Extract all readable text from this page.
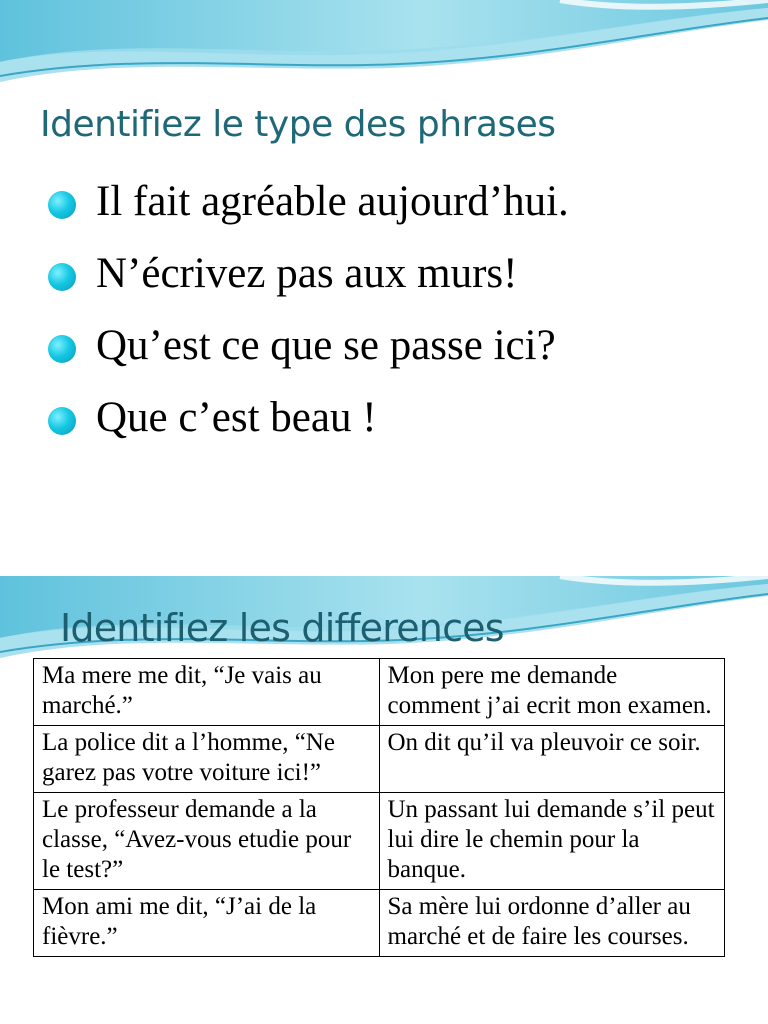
Identifiez le type des phrases
Il fait agréable aujourd’hui.
N’écrivez pas aux murs!
Qu’est ce que se passe ici?
Que c’est beau !
Identifiez les differences
Ma mere me dit, “Je vais au marché.”	Mon pere me demande comment j’ai ecrit mon examen.
La police dit a l’homme, “Ne garez pas votre voiture ici!”	On dit qu’il va pleuvoir ce soir.
Le professeur demande a la classe, “Avez-vous etudie pour le test?”	Un passant lui demande s’il peut lui dire le chemin pour la banque.
Mon ami me dit, “J’ai de la fièvre.”	Sa mère lui ordonne d’aller au marché et de faire les courses.
